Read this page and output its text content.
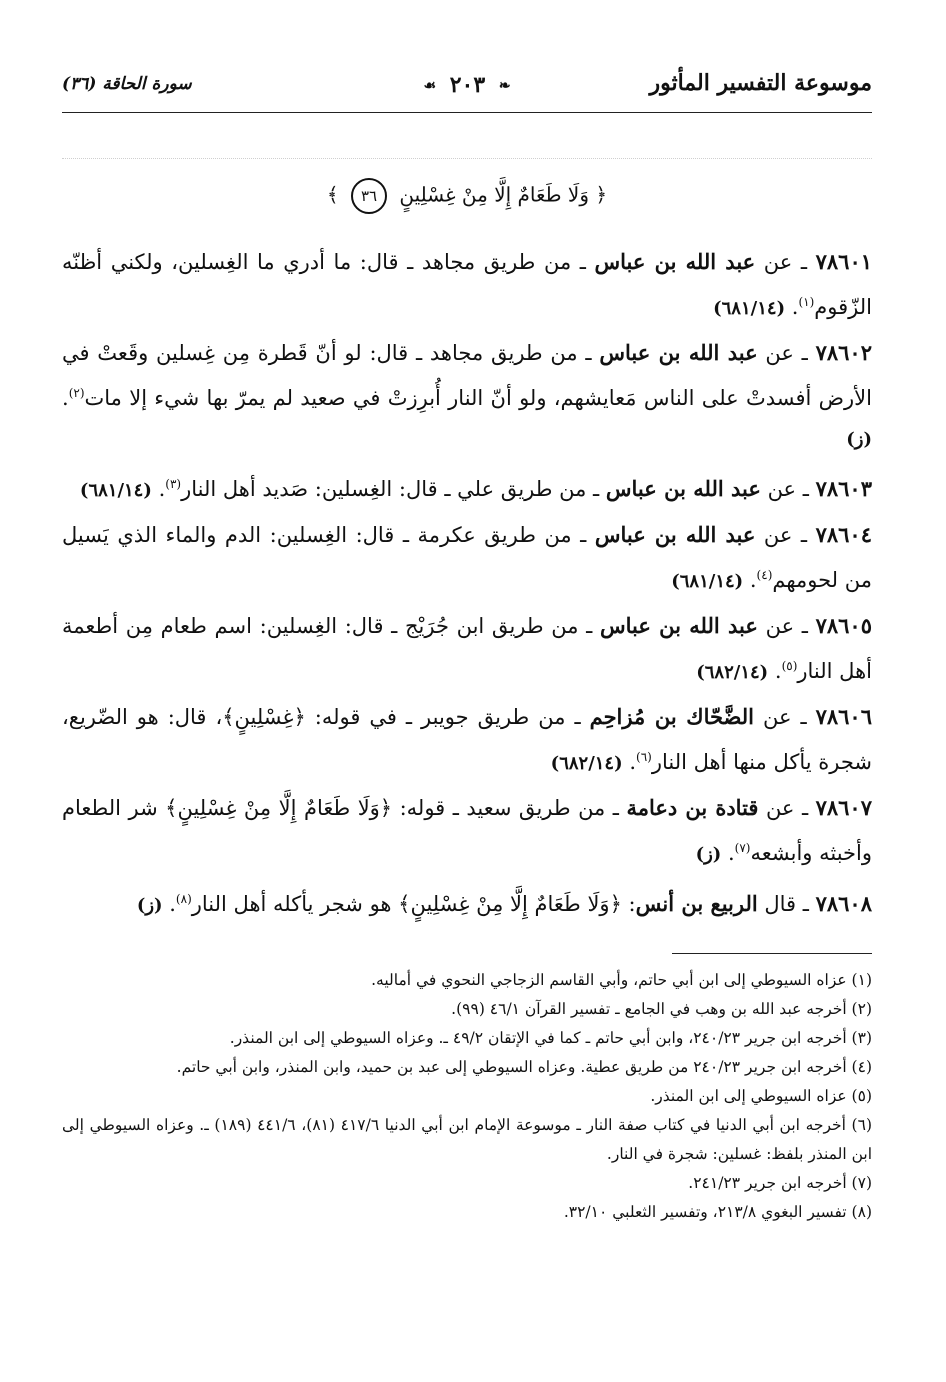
موسوعة التفسير المأثور
❧ ٢٠٣ ☙
سورة الحاقة (٣٦)
﴿ وَلَا طَعَامٌ إِلَّا مِنْ غِسْلِينٍ ٣٦ ﴾

٧٨٦٠١ ـ عن عبد الله بن عباس ـ من طريق مجاهد ـ قال: ما أدري ما الغِسلين، ولكني أظنّه الزّقوم$^{(١)}$. (٦٨١/١٤)

٧٨٦٠٢ ـ عن عبد الله بن عباس ـ من طريق مجاهد ـ قال: لو أنّ قَطرة مِن غِسلين وقَعتْ في الأرض أفسدتْ على الناس مَعايشهم، ولو أنّ النار أُبرِزتْ في صعيد لم يمرّ بها شيء إلا مات$^{(٢)}$. (ز)

٧٨٦٠٣ ـ عن عبد الله بن عباس ـ من طريق علي ـ قال: الغِسلين: صَديد أهل النار$^{(٣)}$. (٦٨١/١٤)

٧٨٦٠٤ ـ عن عبد الله بن عباس ـ من طريق عكرمة ـ قال: الغِسلين: الدم والماء الذي يَسيل من لحومهم$^{(٤)}$. (٦٨١/١٤)

٧٨٦٠٥ ـ عن عبد الله بن عباس ـ من طريق ابن جُرَيْج ـ قال: الغِسلين: اسم طعام مِن أطعمة أهل النار$^{(٥)}$. (٦٨٢/١٤)

٧٨٦٠٦ ـ عن الضَّحّاك بن مُزاحِم ـ من طريق جويبر ـ في قوله: ﴿غِسْلِينٍ﴾، قال: هو الضّريع، شجرة يأكل منها أهل النار$^{(٦)}$. (٦٨٢/١٤)

٧٨٦٠٧ ـ عن قتادة بن دعامة ـ من طريق سعيد ـ قوله: ﴿وَلَا طَعَامٌ إِلَّا مِنْ غِسْلِينٍ﴾ شر الطعام وأخبثه وأبشعه$^{(٧)}$. (ز)

٧٨٦٠٨ ـ قال الربيع بن أنس: ﴿وَلَا طَعَامٌ إِلَّا مِنْ غِسْلِينٍ﴾ هو شجر يأكله أهل النار$^{(٨)}$. (ز)

(١) عزاه السيوطي إلى ابن أبي حاتم، وأبي القاسم الزجاجي النحوي في أماليه.
(٢) أخرجه عبد الله بن وهب في الجامع ـ تفسير القرآن ٤٦/١ (٩٩).
(٣) أخرجه ابن جرير ٢٤٠/٢٣، وابن أبي حاتم ـ كما في الإتقان ٤٩/٢ ـ. وعزاه السيوطي إلى ابن المنذر.
(٤) أخرجه ابن جرير ٢٤٠/٢٣ من طريق عطية. وعزاه السيوطي إلى عبد بن حميد، وابن المنذر، وابن أبي حاتم.
(٥) عزاه السيوطي إلى ابن المنذر.
(٦) أخرجه ابن أبي الدنيا في كتاب صفة النار ـ موسوعة الإمام ابن أبي الدنيا ٤١٧/٦ (٨١)، ٤٤١/٦ (١٨٩) ـ. وعزاه السيوطي إلى ابن المنذر بلفظ: غسلين: شجرة في النار.
(٧) أخرجه ابن جرير ٢٤١/٢٣.
(٨) تفسير البغوي ٢١٣/٨، وتفسير الثعلبي ٣٢/١٠.
